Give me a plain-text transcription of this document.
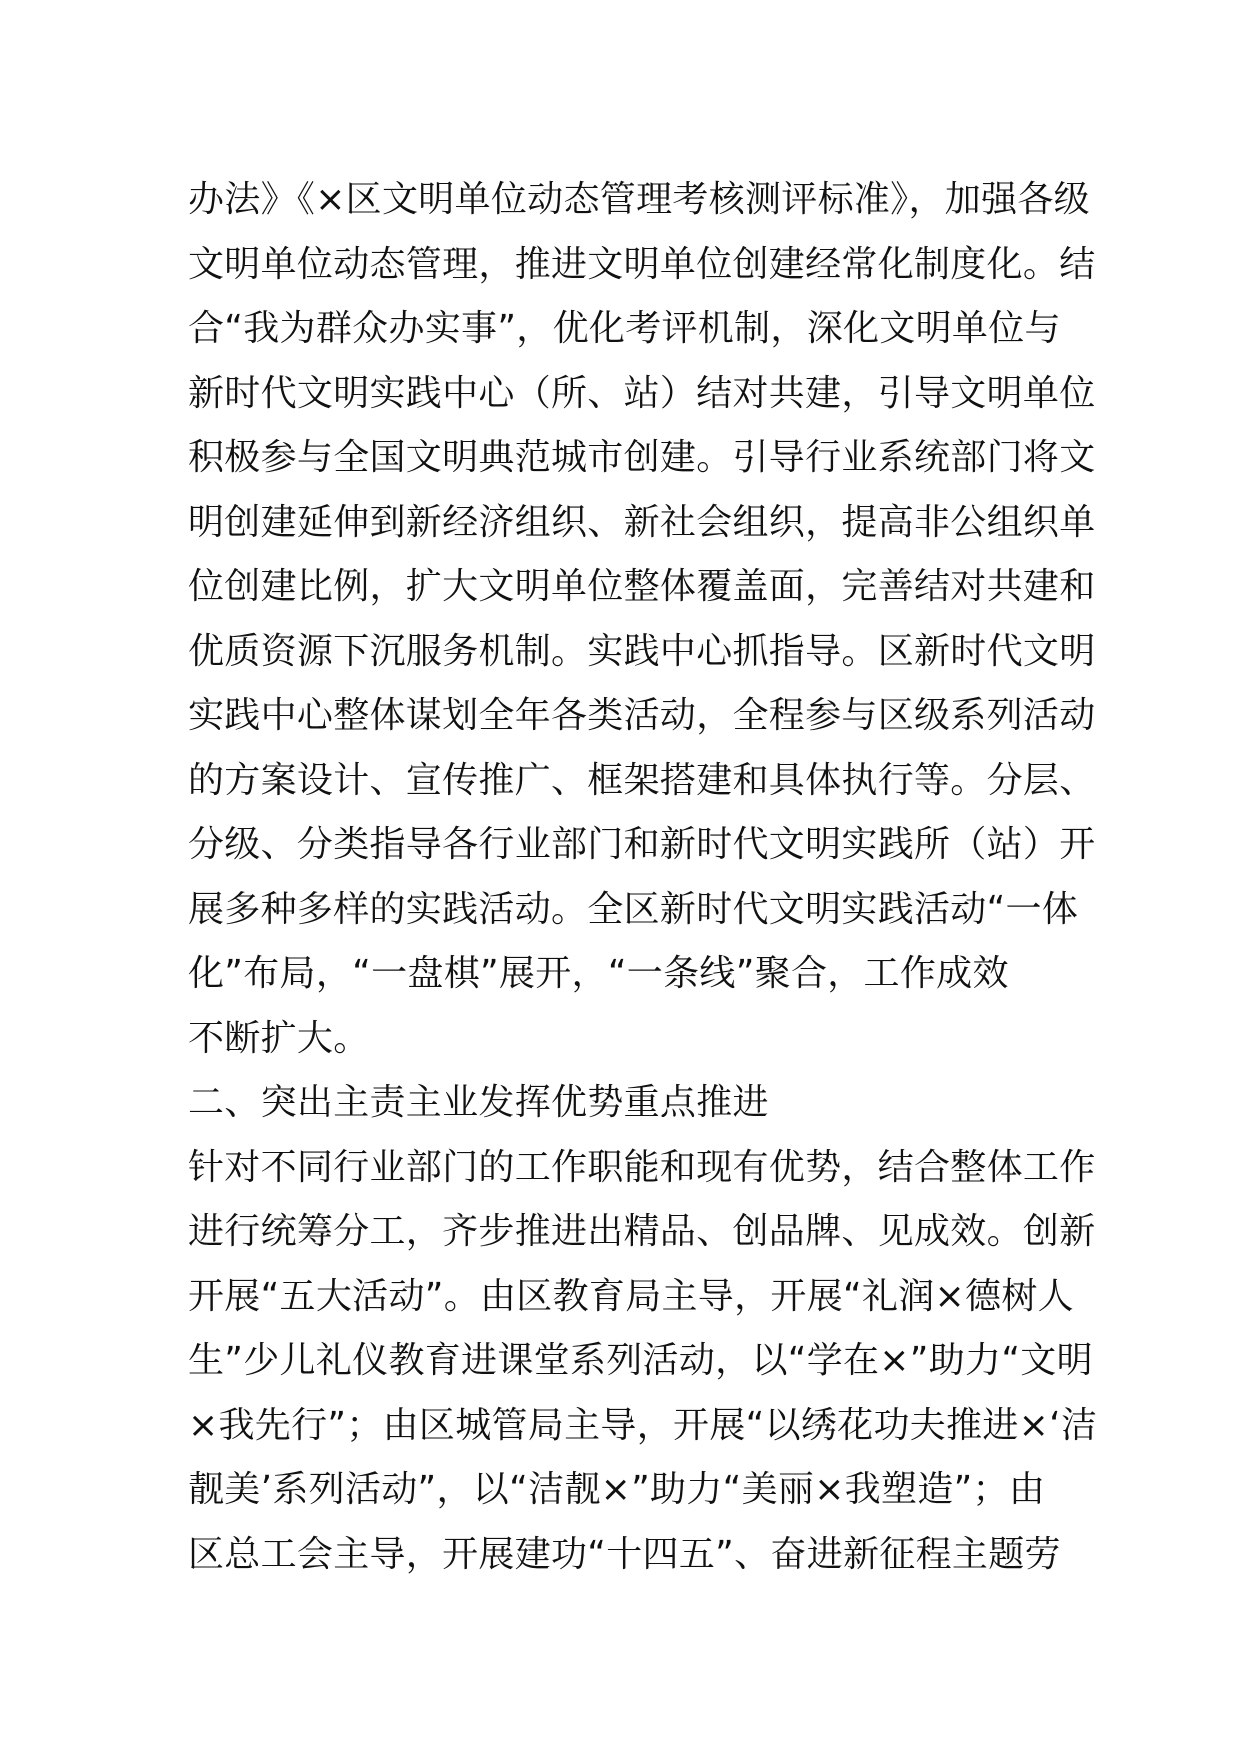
办法》《×区文明单位动态管理考核测评标准》，加强各级
文明单位动态管理，推进文明单位创建经常化制度化。结
合“我为群众办实事”，优化考评机制，深化文明单位与
新时代文明实践中心（所、站）结对共建，引导文明单位
积极参与全国文明典范城市创建。引导行业系统部门将文
明创建延伸到新经济组织、新社会组织，提高非公组织单
位创建比例，扩大文明单位整体覆盖面，完善结对共建和
优质资源下沉服务机制。实践中心抓指导。区新时代文明
实践中心整体谋划全年各类活动，全程参与区级系列活动
的方案设计、宣传推广、框架搭建和具体执行等。分层、
分级、分类指导各行业部门和新时代文明实践所（站）开
展多种多样的实践活动。全区新时代文明实践活动“一体
化”布局，“一盘棋”展开，“一条线”聚合，工作成效
不断扩大。
二、突出主责主业发挥优势重点推进
针对不同行业部门的工作职能和现有优势，结合整体工作
进行统筹分工，齐步推进出精品、创品牌、见成效。创新
开展“五大活动”。由区教育局主导，开展“礼润×德树人
生”少儿礼仪教育进课堂系列活动，以“学在×”助力“文明
×我先行”；由区城管局主导，开展“以绣花功夫推进×‘洁
靓美’系列活动”，以“洁靓×”助力“美丽×我塑造”；由
区总工会主导，开展建功“十四五”、奋进新征程主题劳
